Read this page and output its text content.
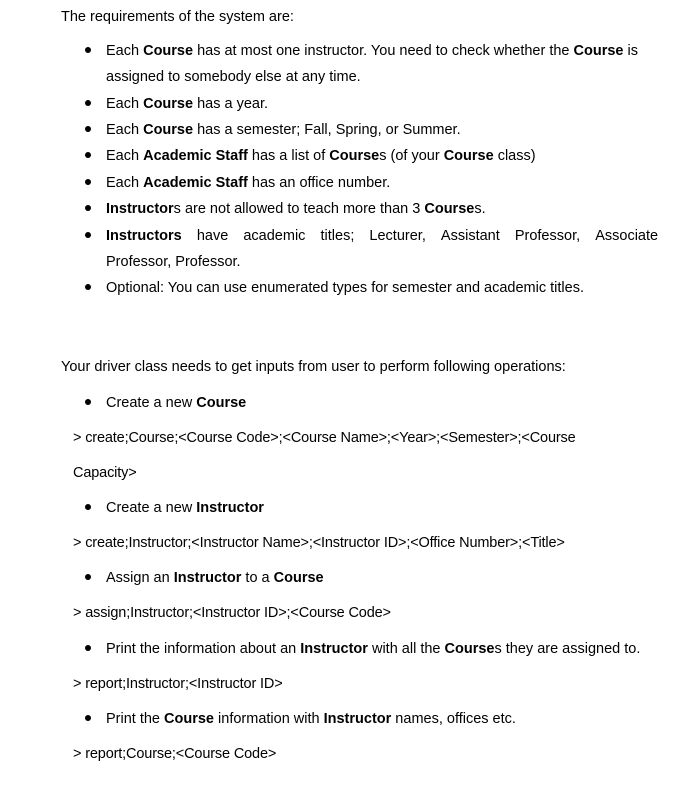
The requirements of the system are:
Each Course has at most one instructor. You need to check whether the Course is
assigned to somebody else at any time.
Each Course has a year.
Each Course has a semester; Fall, Spring, or Summer.
Each Academic Staff has a list of Courses (of your Course class)
Each Academic Staff has an office number.
Instructors are not allowed to teach more than 3 Courses.
Instructors have academic titles; Lecturer, Assistant Professor, Associate
Professor, Professor.
Optional: You can use enumerated types for semester and academic titles.
Your driver class needs to get inputs from user to perform following operations:
Create a new Course
> create;Course;<Course Code>;<Course Name>;<Year>;<Semester>;<Course
Capacity>
Create a new Instructor
> create;Instructor;<Instructor Name>;<Instructor ID>;<Office Number>;<Title>
Assign an Instructor to a Course
> assign;Instructor;<Instructor ID>;<Course Code>
Print the information about an Instructor with all the Courses they are assigned to.
> report;Instructor;<Instructor ID>
Print the Course information with Instructor names, offices etc.
> report;Course;<Course Code>
